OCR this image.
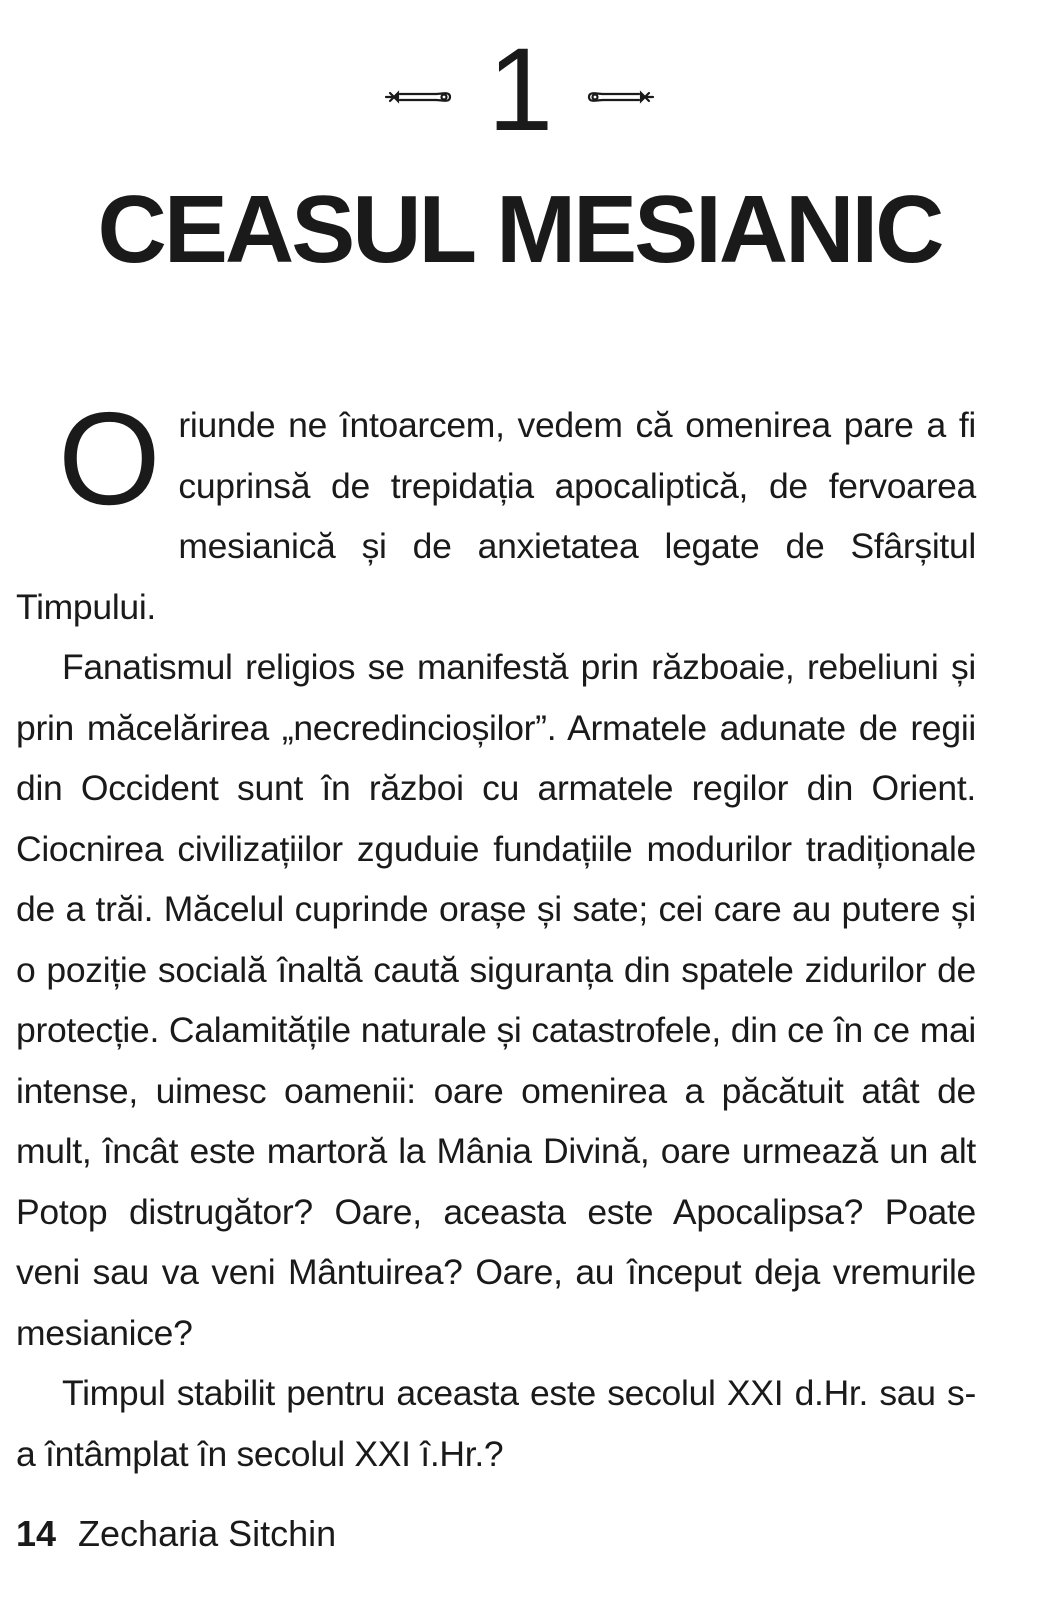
1
CEASUL MESIANIC

Oriunde ne întoarcem, vedem că omenirea pare a fi cuprinsă de trepidația apocaliptică, de fervoarea mesianică și de anxietatea legate de Sfârșitul Timpului.

Fanatismul religios se manifestă prin războaie, rebeliuni și prin măcelărirea „necredincioșilor”. Armatele adunate de regii din Occident sunt în război cu armatele regilor din Orient. Ciocnirea civilizațiilor zguduie fundațiile modurilor tradiționale de a trăi. Măcelul cuprinde orașe și sate; cei care au putere și o poziție socială înaltă caută siguranța din spatele zidurilor de protecție. Calamitățile naturale și catastrofele, din ce în ce mai intense, uimesc oamenii: oare omenirea a păcătuit atât de mult, încât este martoră la Mânia Divină, oare urmează un alt Potop distrugător? Oare, aceasta este Apocalipsa? Poate veni sau va veni Mântuirea? Oare, au început deja vremurile mesianice?

Timpul stabilit pentru aceasta este secolul XXI d.Hr. sau s-a întâmplat în secolul XXI î.Hr.?

14 Zecharia Sitchin
